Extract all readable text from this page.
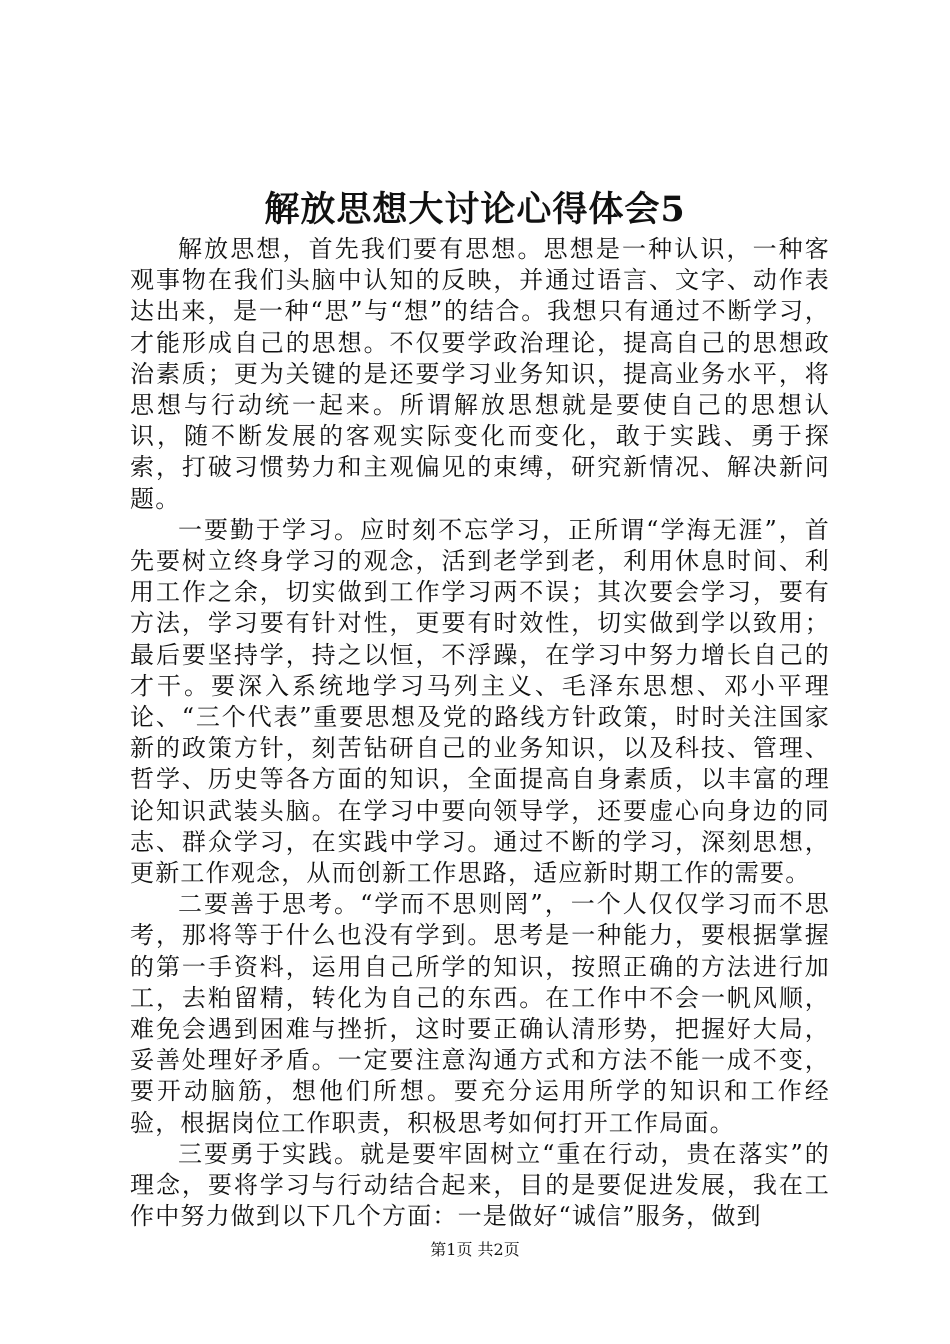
解放思想大讨论心得体会5

解放思想，首先我们要有思想。思想是一种认识，一种客观事物在我们头脑中认知的反映，并通过语言、文字、动作表达出来，是一种“思”与“想”的结合。我想只有通过不断学习，才能形成自己的思想。不仅要学政治理论，提高自己的思想政治素质；更为关键的是还要学习业务知识，提高业务水平，将思想与行动统一起来。所谓解放思想就是要使自己的思想认识，随不断发展的客观实际变化而变化，敢于实践、勇于探索，打破习惯势力和主观偏见的束缚，研究新情况、解决新问题。

一要勤于学习。应时刻不忘学习，正所谓“学海无涯”，首先要树立终身学习的观念，活到老学到老，利用休息时间、利用工作之余，切实做到工作学习两不误；其次要会学习，要有方法，学习要有针对性，更要有时效性，切实做到学以致用；最后要坚持学，持之以恒，不浮躁，在学习中努力增长自己的才干。要深入系统地学习马列主义、毛泽东思想、邓小平理论、“三个代表”重要思想及党的路线方针政策，时时关注国家新的政策方针，刻苦钻研自己的业务知识，以及科技、管理、哲学、历史等各方面的知识，全面提高自身素质，以丰富的理论知识武装头脑。在学习中要向领导学，还要虚心向身边的同志、群众学习，在实践中学习。通过不断的学习，深刻思想，更新工作观念，从而创新工作思路，适应新时期工作的需要。

二要善于思考。“学而不思则罔”，一个人仅仅学习而不思考，那将等于什么也没有学到。思考是一种能力，要根据掌握的第一手资料，运用自己所学的知识，按照正确的方法进行加工，去粕留精，转化为自己的东西。在工作中不会一帆风顺，难免会遇到困难与挫折，这时要正确认清形势，把握好大局，妥善处理好矛盾。一定要注意沟通方式和方法不能一成不变，要开动脑筋，想他们所想。要充分运用所学的知识和工作经验，根据岗位工作职责，积极思考如何打开工作局面。

三要勇于实践。就是要牢固树立“重在行动，贵在落实”的理念，要将学习与行动结合起来，目的是要促进发展，我在工作中努力做到以下几个方面：一是做好“诚信”服务，做到

第1页 共2页
